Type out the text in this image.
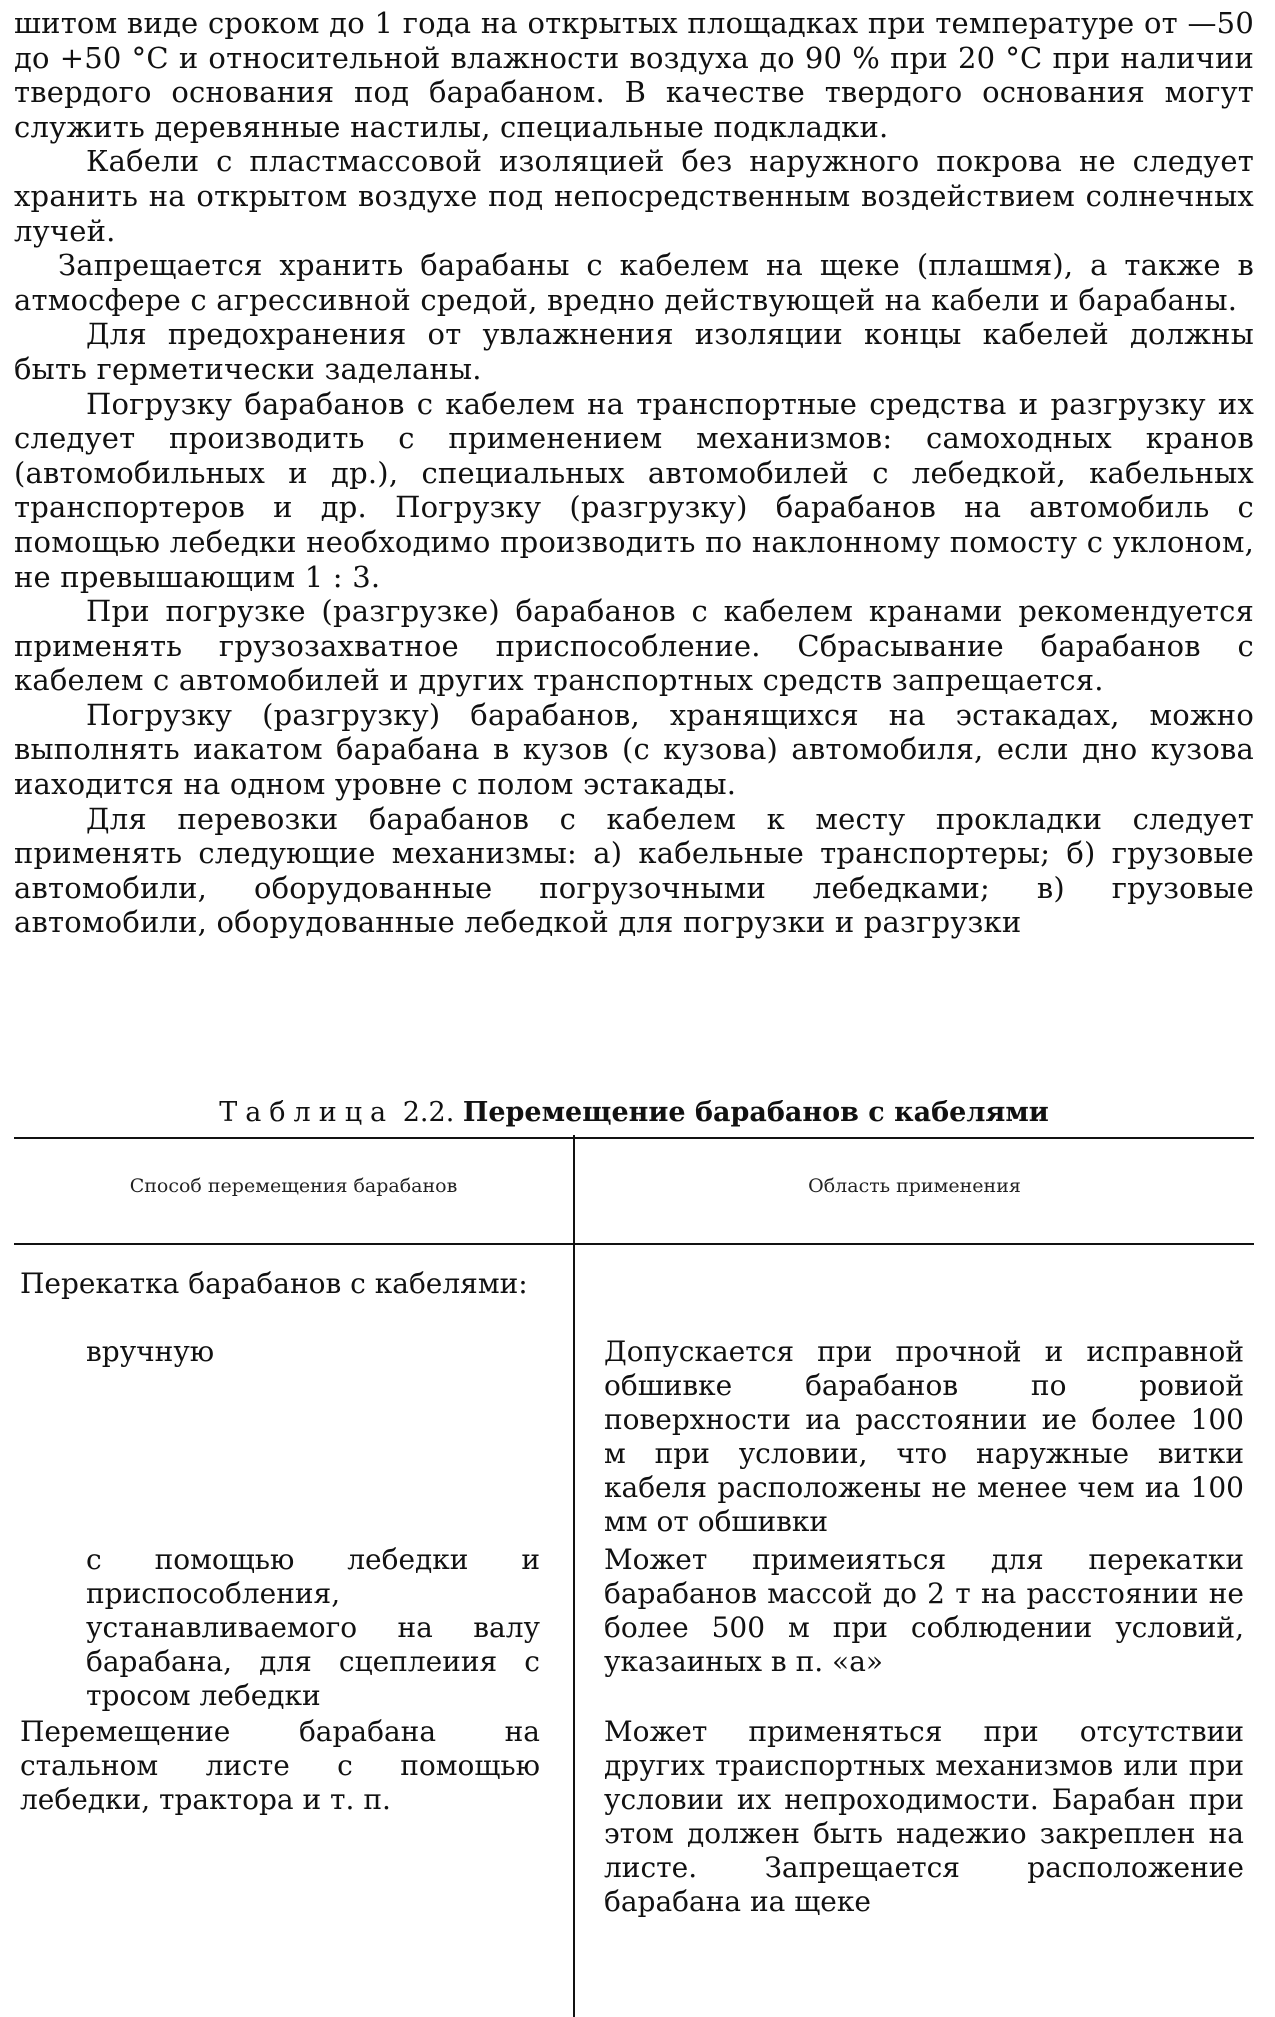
шитом виде сроком до 1 года на открытых площадках при температуре от —50 до +50 °С и относительной влажности воздуха до 90 % при 20 °С при наличии твердого основания под барабаном. В качестве твердого основания могут служить деревянные настилы, специальные подкладки.

Кабели с пластмассовой изоляцией без наружного покрова не следует хранить на открытом воздухе под непосредственным воздействием солнечных лучей.

Запрещается хранить барабаны с кабелем на щеке (плашмя), а также в атмосфере с агрессивной средой, вредно действующей на кабели и барабаны.

Для предохранения от увлажнения изоляции концы кабелей должны быть герметически заделаны.

Погрузку барабанов с кабелем на транспортные средства и разгрузку их следует производить с применением механизмов: самоходных кранов (автомобильных и др.), специальных автомобилей с лебедкой, кабельных транспортеров и др. Погрузку (разгрузку) барабанов на автомобиль с помощью лебедки необходимо производить по наклонному помосту с уклоном, не превышающим 1 : 3.

При погрузке (разгрузке) барабанов с кабелем кранами рекомендуется применять грузозахватное приспособление. Сбрасывание барабанов с кабелем с автомобилей и других транспортных средств запрещается.

Погрузку (разгрузку) барабанов, хранящихся на эстакадах, можно выполнять иакатом барабана в кузов (с кузова) автомобиля, если дно кузова иаходится на одном уровне с полом эстакады.

Для перевозки барабанов с кабелем к месту прокладки следует применять следующие механизмы: а) кабельные транспортеры; б) грузовые автомобили, оборудованные погрузочными лебедками; в) грузовые автомобили, оборудованные лебедкой для погрузки и разгрузки

Таблица 2.2. Перемещение барабанов с кабелями
Способ перемещения барабанов	Область применения
Перекатка барабанов с кабелями:
вручную	Допускается при прочной и исправной обшивке барабанов по ровиой поверхности иа расстоянии ие более 100 м при условии, что наружные витки кабеля расположены не менее чем иа 100 мм от обшивки
с помощью лебедки и приспособления, устанавливаемого на валу барабана, для сцеплеиия с тросом лебедки
Может примеияться для перекатки барабанов массой до 2 т на расстоянии не более 500 м при соблюдении условий, указаиных в п. «а»
Перемещение барабана на стальном листе с помощью лебедки, трактора и т. п.
Может применяться при отсутствии других траиспортных механизмов или при условии их непроходимости. Барабан при этом должен быть надежио закреплен на листе. Запрещается расположение барабана иа щеке
